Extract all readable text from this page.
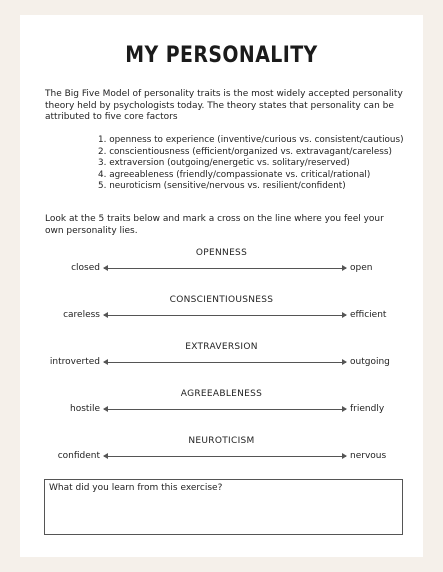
MY PERSONALITY
The Big Five Model of personality traits is the most widely accepted personality theory held by psychologists today. The theory states that personality can be attributed to five core factors
1. openness to experience (inventive/curious vs. consistent/cautious)
2. conscientiousness (efficient/organized vs. extravagant/careless)
3. extraversion (outgoing/energetic vs. solitary/reserved)
4. agreeableness (friendly/compassionate vs. critical/rational)
5. neuroticism (sensitive/nervous vs. resilient/confident)
Look at the 5 traits below and mark a cross on the line where you feel your own personality lies.
OPENNESS
closed	open
CONSCIENTIOUSNESS
careless	efficient
EXTRAVERSION
introverted	outgoing
AGREEABLENESS
hostile	friendly
NEUROTICISM
confident	nervous
What did you learn from this exercise?
